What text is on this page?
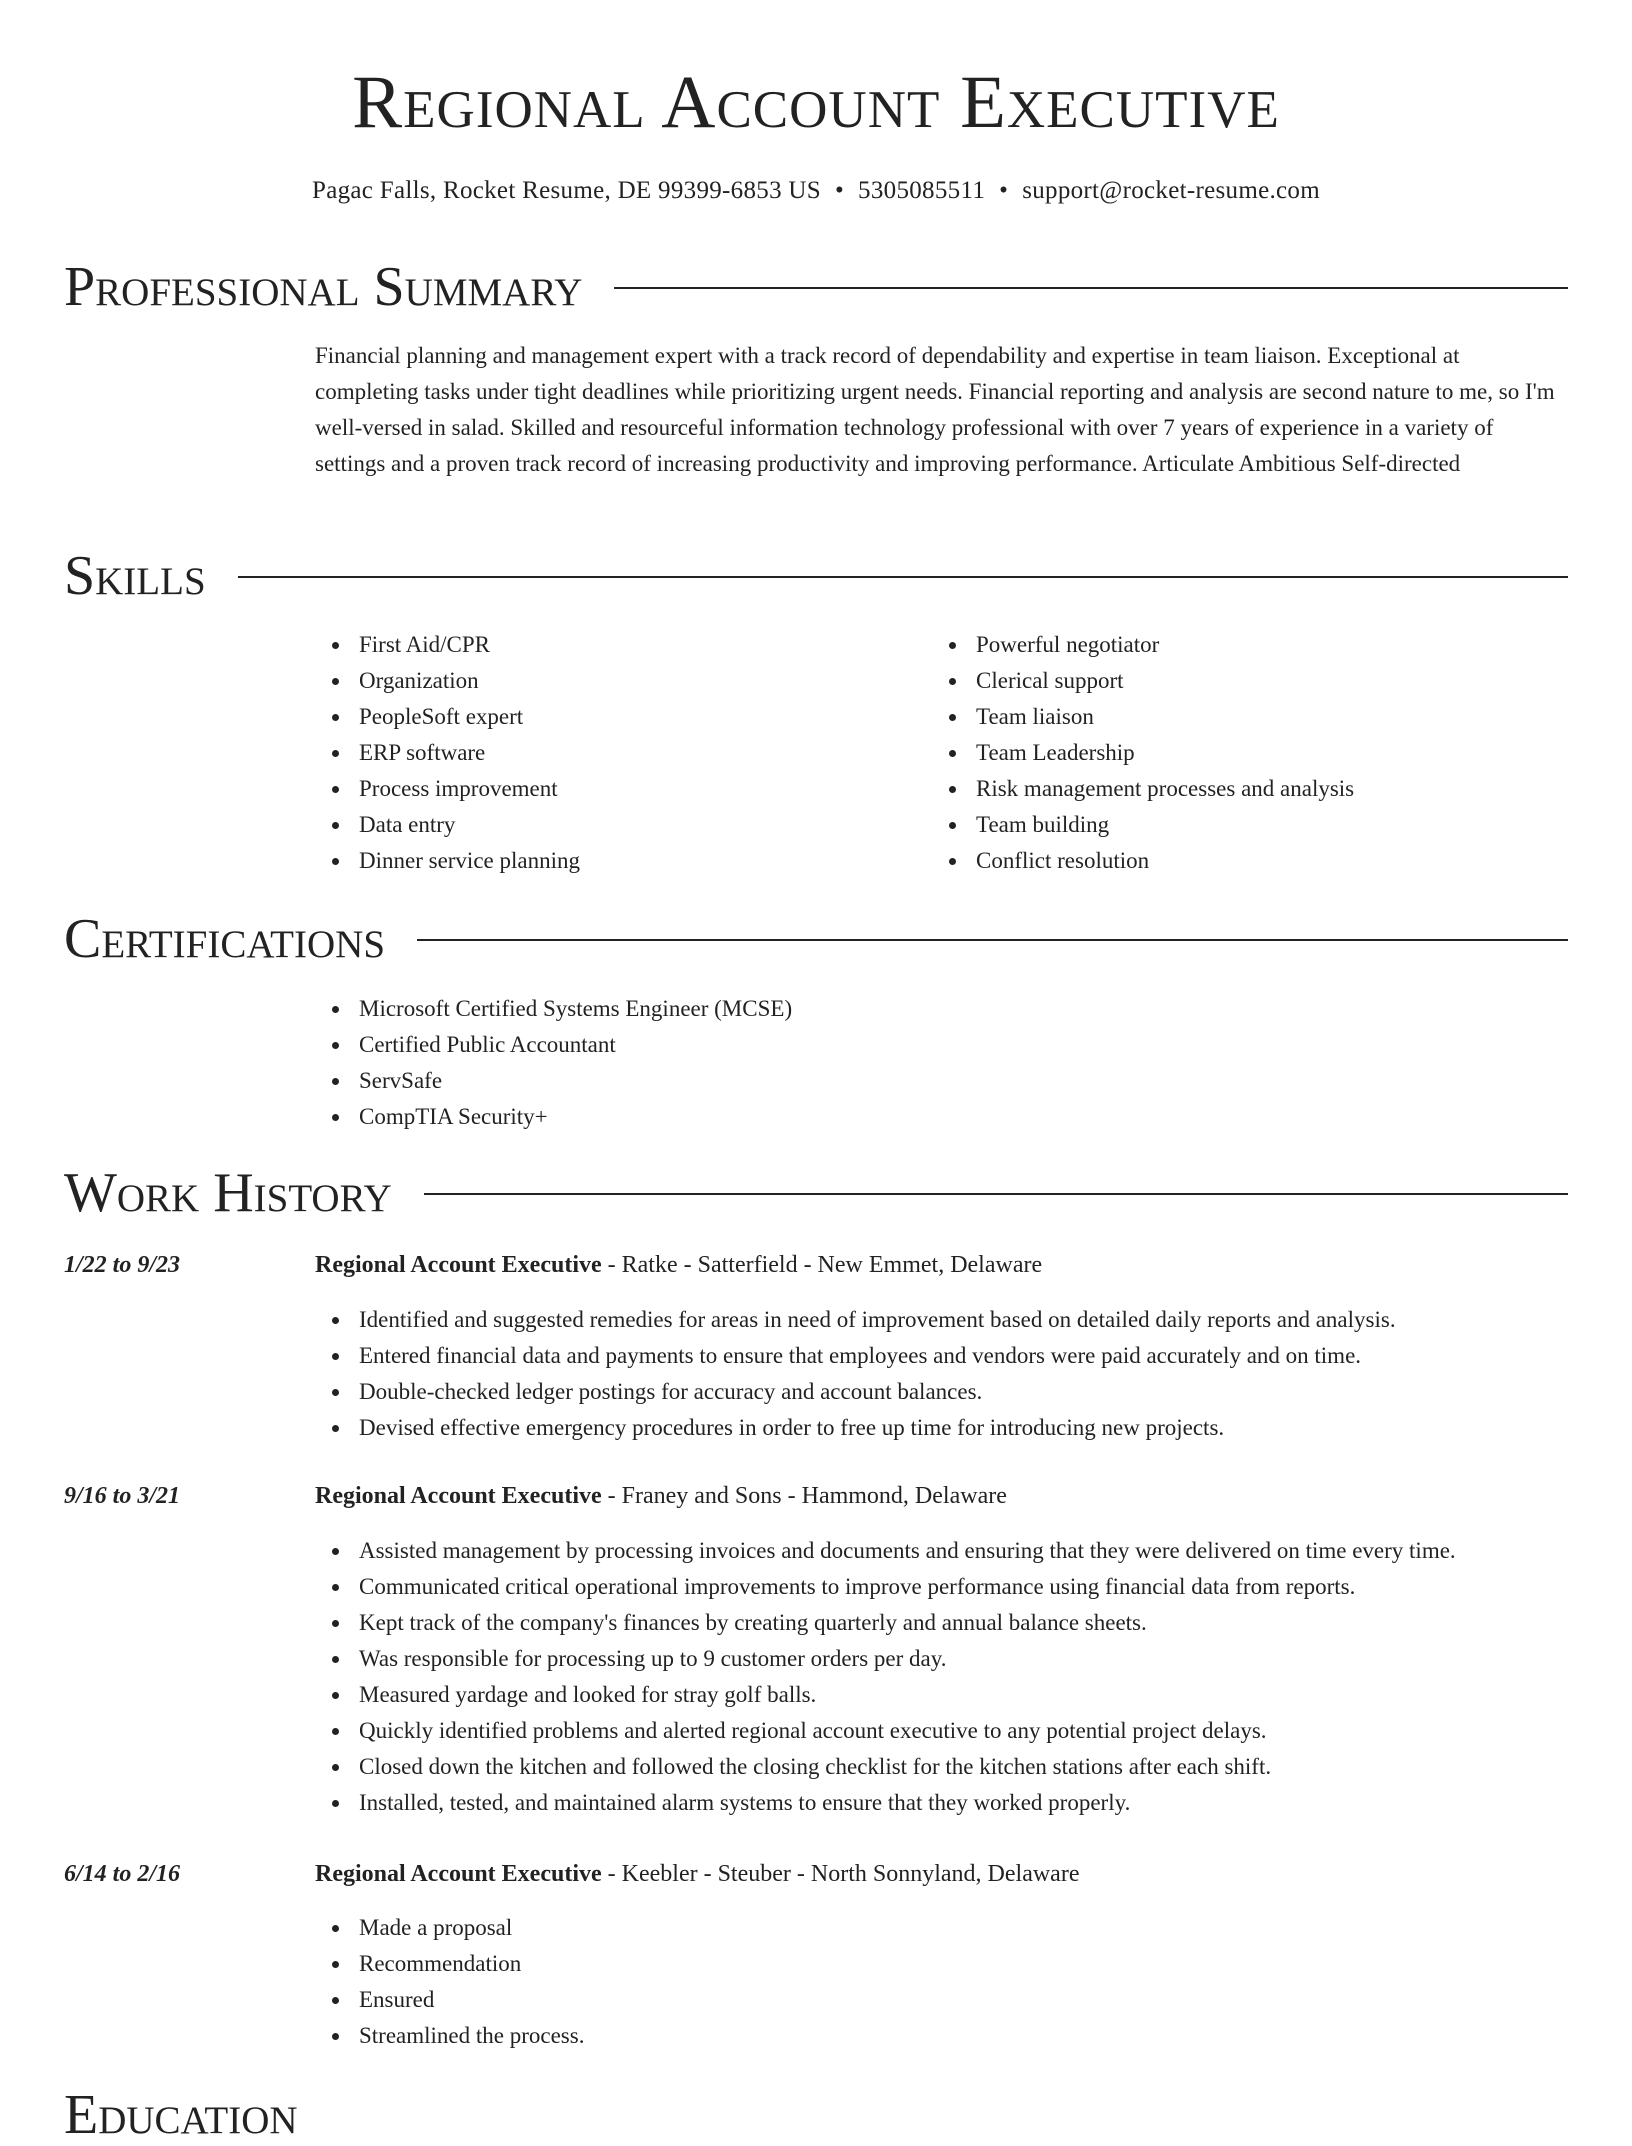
Regional Account Executive
Pagac Falls, Rocket Resume, DE 99399-6853 US • 5305085511 • support@rocket-resume.com
Professional Summary

Financial planning and management expert with a track record of dependability and expertise in team liaison. Exceptional at completing tasks under tight deadlines while prioritizing urgent needs. Financial reporting and analysis are second nature to me, so I'm well-versed in salad. Skilled and resourceful information technology professional with over 7 years of experience in a variety of settings and a proven track record of increasing productivity and improving performance. Articulate Ambitious Self-directed

Skills
First Aid/CPR
Organization
PeopleSoft expert
ERP software
Process improvement
Data entry
Dinner service planning
Powerful negotiator
Clerical support
Team liaison
Team Leadership
Risk management processes and analysis
Team building
Conflict resolution
Certifications
Microsoft Certified Systems Engineer (MCSE)
Certified Public Accountant
ServSafe
CompTIA Security+
Work History
1/22 to 9/23	Regional Account Executive - Ratke - Satterfield - New Emmet, Delaware
Identified and suggested remedies for areas in need of improvement based on detailed daily reports and analysis.
Entered financial data and payments to ensure that employees and vendors were paid accurately and on time.
Double-checked ledger postings for accuracy and account balances.
Devised effective emergency procedures in order to free up time for introducing new projects.
9/16 to 3/21	Regional Account Executive - Franey and Sons - Hammond, Delaware
Assisted management by processing invoices and documents and ensuring that they were delivered on time every time.
Communicated critical operational improvements to improve performance using financial data from reports.
Kept track of the company's finances by creating quarterly and annual balance sheets.
Was responsible for processing up to 9 customer orders per day.
Measured yardage and looked for stray golf balls.
Quickly identified problems and alerted regional account executive to any potential project delays.
Closed down the kitchen and followed the closing checklist for the kitchen stations after each shift.
Installed, tested, and maintained alarm systems to ensure that they worked properly.
6/14 to 2/16	Regional Account Executive - Keebler - Steuber - North Sonnyland, Delaware
Made a proposal
Recommendation
Ensured
Streamlined the process.
Education
